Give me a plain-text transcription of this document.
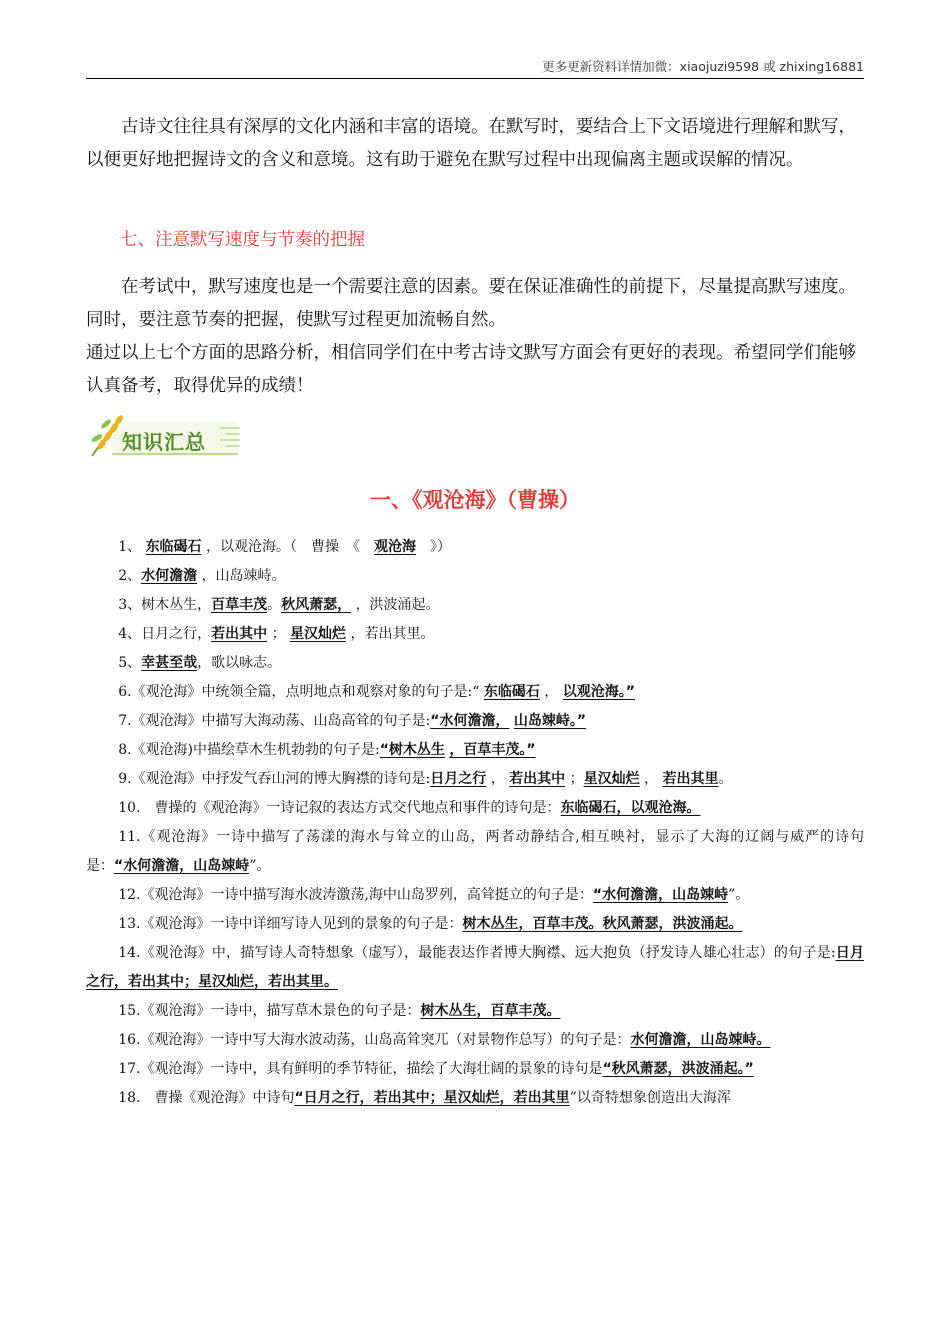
更多更新资料详情加微：xiaojuzi9598 或 zhixing16881
古诗文往往具有深厚的文化内涵和丰富的语境。在默写时，要结合上下文语境进行理解和默写，以便更好地把握诗文的含义和意境。这有助于避免在默写过程中出现偏离主题或误解的情况。
七、注意默写速度与节奏的把握
在考试中，默写速度也是一个需要注意的因素。要在保证准确性的前提下，尽量提高默写速度。同时，要注意节奏的把握，使默写过程更加流畅自然。
通过以上七个方面的思路分析，相信同学们在中考古诗文默写方面会有更好的表现。希望同学们能够认真备考，取得优异的成绩！
知识汇总
一、《观沧海》（曹操）
1、 东临碣石 ，以观沧海。（　曹操　《 观沧海 》）
2、水何澹澹 ，山岛竦峙。
3、树木丛生，百草丰茂。秋风萧瑟， ，洪波涌起。
4、日月之行，若出其中 ； 星汉灿烂 ，若出其里。
5、幸甚至哉，歌以咏志。
6.《观沧海》中统领全篇，点明地点和观察对象的句子是:“ 东临碣石 ， 以观沧海。”
7.《观沧海》中描写大海动荡、山岛高耸的句子是:“水何澹澹， 山岛竦峙。”
8.《观沧海)中描绘草木生机勃勃的句子是:“树木丛生 ，百草丰茂。”
9.《观沧海》中抒发气吞山河的博大胸襟的诗句是:日月之行 ， 若出其中 ；星汉灿烂 ， 若出其里。
10.　曹操的《观沧海》一诗记叙的表达方式交代地点和事件的诗句是：东临碣石，以观沧海。
11.《观沧海》一诗中描写了荡漾的海水与耸立的山岛，两者动静结合,相互映衬，显示了大海的辽阔与威严的诗句是：“水何澹澹，山岛竦峙”。
12.《观沧海》一诗中描写海水波涛激荡,海中山岛罗列，高耸挺立的句子是：“水何澹澹，山岛竦峙”。
13.《观沧海》一诗中详细写诗人见到的景象的句子是：树木丛生，百草丰茂。秋风萧瑟，洪波涌起。
14.《观沧海》中，描写诗人奇特想象（虚写），最能表达作者博大胸襟、远大抱负（抒发诗人雄心壮志）的句子是:日月之行，若出其中；星汉灿烂，若出其里。
15.《观沧海》一诗中，描写草木景色的句子是：树木丛生，百草丰茂。
16.《观沧海》一诗中写大海水波动荡，山岛高耸突兀（对景物作总写）的句子是：水何澹澹，山岛竦峙。
17.《观沧海》一诗中，具有鲜明的季节特征，描绘了大海壮阔的景象的诗句是“秋风萧瑟，洪波涌起。”
18.　曹操《观沧海》中诗句“日月之行，若出其中；星汉灿烂，若出其里”以奇特想象创造出大海浑
